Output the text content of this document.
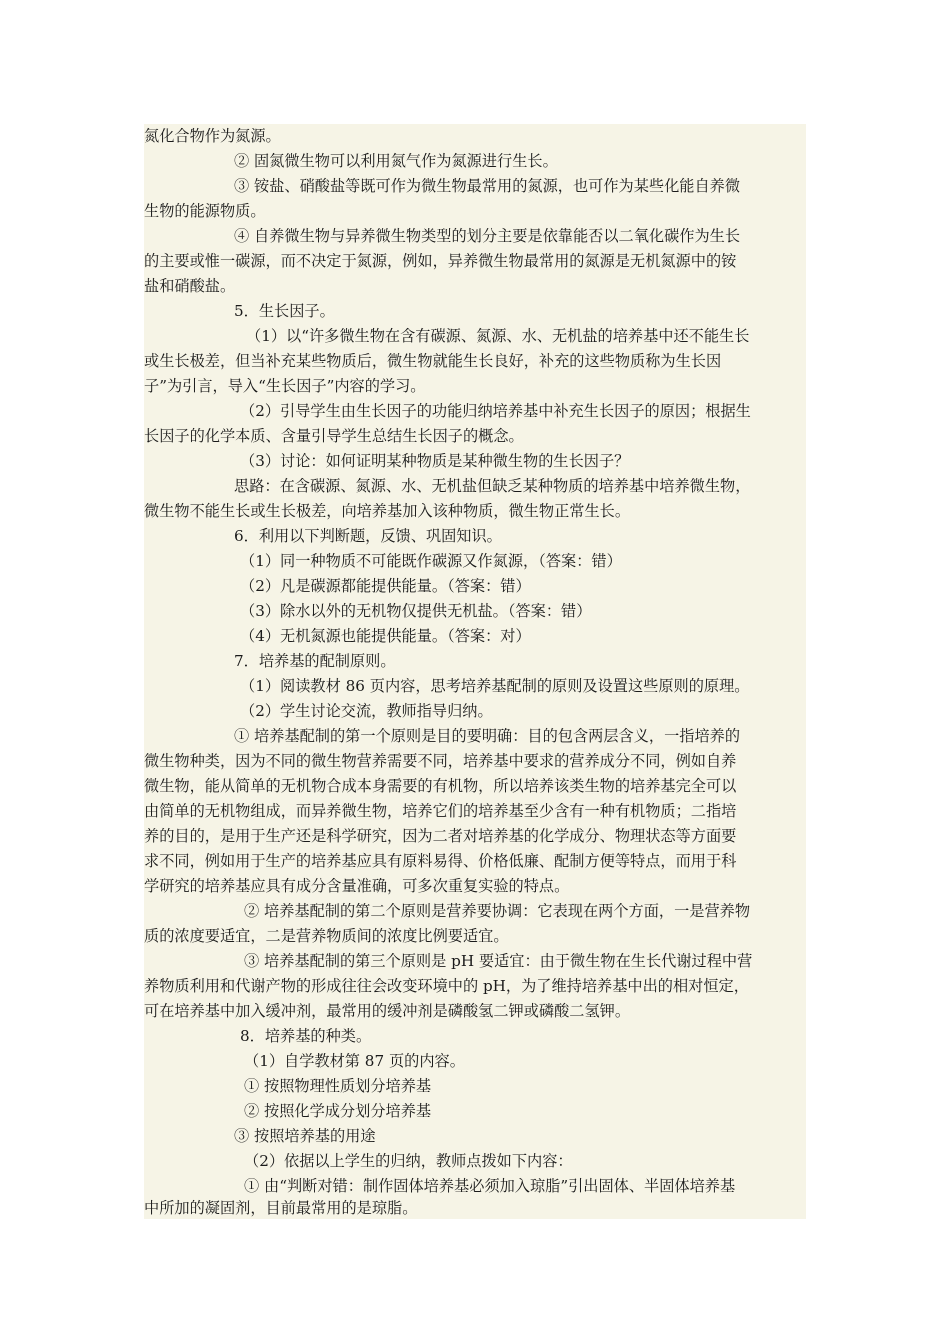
氮化合物作为氮源。
② 固氮微生物可以利用氮气作为氮源进行生长。
③ 铵盐、硝酸盐等既可作为微生物最常用的氮源，也可作为某些化能自养微
生物的能源物质。
④ 自养微生物与异养微生物类型的划分主要是依靠能否以二氧化碳作为生长
的主要或惟一碳源，而不决定于氮源，例如，异养微生物最常用的氮源是无机氮源中的铵
盐和硝酸盐。
5．生长因子。
（1）以“许多微生物在含有碳源、氮源、水、无机盐的培养基中还不能生长
或生长极差，但当补充某些物质后，微生物就能生长良好，补充的这些物质称为生长因
子”为引言，导入“生长因子”内容的学习。
（2）引导学生由生长因子的功能归纳培养基中补充生长因子的原因；根据生
长因子的化学本质、含量引导学生总结生长因子的概念。
（3）讨论：如何证明某种物质是某种微生物的生长因子？
思路：在含碳源、氮源、水、无机盐但缺乏某种物质的培养基中培养微生物，
微生物不能生长或生长极差，向培养基加入该种物质，微生物正常生长。
6．利用以下判断题，反馈、巩固知识。
（1）同一种物质不可能既作碳源又作氮源，（答案：错）
（2）凡是碳源都能提供能量。（答案：错）
（3）除水以外的无机物仅提供无机盐。（答案：错）
（4）无机氮源也能提供能量。（答案：对）
7．培养基的配制原则。
（1）阅读教材 86 页内容，思考培养基配制的原则及设置这些原则的原理。
（2）学生讨论交流，教师指导归纳。
① 培养基配制的第一个原则是目的要明确：目的包含两层含义，一指培养的
微生物种类，因为不同的微生物营养需要不同，培养基中要求的营养成分不同，例如自养
微生物，能从简单的无机物合成本身需要的有机物，所以培养该类生物的培养基完全可以
由简单的无机物组成，而异养微生物，培养它们的培养基至少含有一种有机物质；二指培
养的目的，是用于生产还是科学研究，因为二者对培养基的化学成分、物理状态等方面要
求不同，例如用于生产的培养基应具有原料易得、价格低廉、配制方便等特点，而用于科
学研究的培养基应具有成分含量准确，可多次重复实验的特点。
② 培养基配制的第二个原则是营养要协调：它表现在两个方面，一是营养物
质的浓度要适宜，二是营养物质间的浓度比例要适宜。
③ 培养基配制的第三个原则是 pH 要适宜：由于微生物在生长代谢过程中营
养物质利用和代谢产物的形成往往会改变环境中的 pH，为了维持培养基中出的相对恒定，
可在培养基中加入缓冲剂，最常用的缓冲剂是磷酸氢二钾或磷酸二氢钾。
8．培养基的种类。
（1）自学教材第 87 页的内容。
① 按照物理性质划分培养基
② 按照化学成分划分培养基
③ 按照培养基的用途
（2）依据以上学生的归纳，教师点拨如下内容：
① 由“判断对错：制作固体培养基必须加入琼脂”引出固体、半固体培养基
中所加的凝固剂，目前最常用的是琼脂。
